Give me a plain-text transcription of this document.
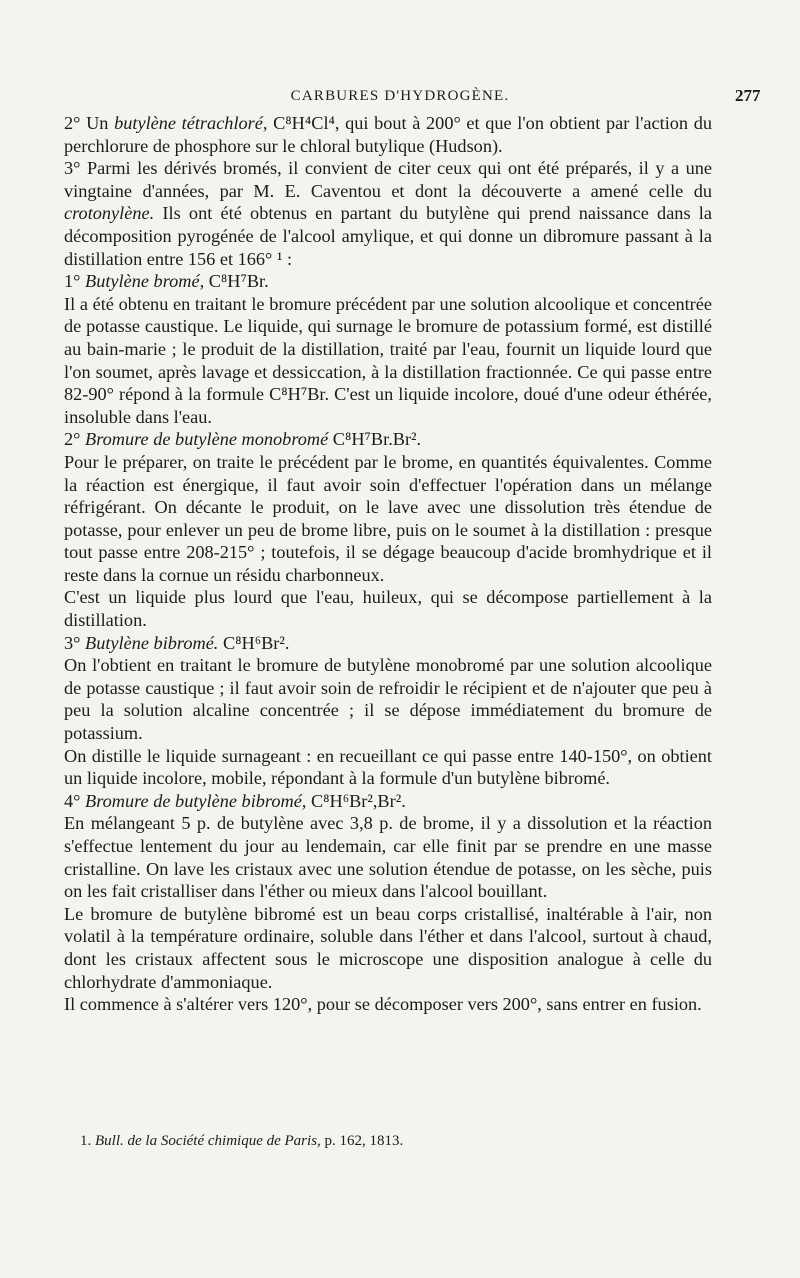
CARBURES D'HYDROGÈNE.	277

2° Un butylène tétrachloré, C⁸H⁴Cl⁴, qui bout à 200° et que l'on obtient par l'action du perchlorure de phosphore sur le chloral butylique (Hudson).

3° Parmi les dérivés bromés, il convient de citer ceux qui ont été préparés, il y a une vingtaine d'années, par M. E. Caventou et dont la découverte a amené celle du crotonylène. Ils ont été obtenus en partant du butylène qui prend naissance dans la décomposition pyrogénée de l'alcool amylique, et qui donne un dibromure passant à la distillation entre 156 et 166° ¹ :

1° Butylène bromé, C⁸H⁷Br.

Il a été obtenu en traitant le bromure précédent par une solution alcoolique et concentrée de potasse caustique. Le liquide, qui surnage le bromure de potassium formé, est distillé au bain-marie ; le produit de la distillation, traité par l'eau, fournit un liquide lourd que l'on soumet, après lavage et dessiccation, à la distillation fractionnée. Ce qui passe entre 82-90° répond à la formule C⁸H⁷Br. C'est un liquide incolore, doué d'une odeur éthérée, insoluble dans l'eau.

2° Bromure de butylène monobromé C⁸H⁷Br.Br².

Pour le préparer, on traite le précédent par le brome, en quantités équivalentes. Comme la réaction est énergique, il faut avoir soin d'effectuer l'opération dans un mélange réfrigérant. On décante le produit, on le lave avec une dissolution très étendue de potasse, pour enlever un peu de brome libre, puis on le soumet à la distillation : presque tout passe entre 208-215° ; toutefois, il se dégage beaucoup d'acide bromhydrique et il reste dans la cornue un résidu charbonneux.

C'est un liquide plus lourd que l'eau, huileux, qui se décompose partiellement à la distillation.

3° Butylène bibromé. C⁸H⁶Br².

On l'obtient en traitant le bromure de butylène monobromé par une solution alcoolique de potasse caustique ; il faut avoir soin de refroidir le récipient et de n'ajouter que peu à peu la solution alcaline concentrée ; il se dépose immédiatement du bromure de potassium.

On distille le liquide surnageant : en recueillant ce qui passe entre 140-150°, on obtient un liquide incolore, mobile, répondant à la formule d'un butylène bibromé.

4° Bromure de butylène bibromé, C⁸H⁶Br²,Br².

En mélangeant 5 p. de butylène avec 3,8 p. de brome, il y a dissolution et la réaction s'effectue lentement du jour au lendemain, car elle finit par se prendre en une masse cristalline. On lave les cristaux avec une solution étendue de potasse, on les sèche, puis on les fait cristalliser dans l'éther ou mieux dans l'alcool bouillant.

Le bromure de butylène bibromé est un beau corps cristallisé, inaltérable à l'air, non volatil à la température ordinaire, soluble dans l'éther et dans l'alcool, surtout à chaud, dont les cristaux affectent sous le microscope une disposition analogue à celle du chlorhydrate d'ammoniaque.

Il commence à s'altérer vers 120°, pour se décomposer vers 200°, sans entrer en fusion.

1. Bull. de la Société chimique de Paris, p. 162, 1813.
